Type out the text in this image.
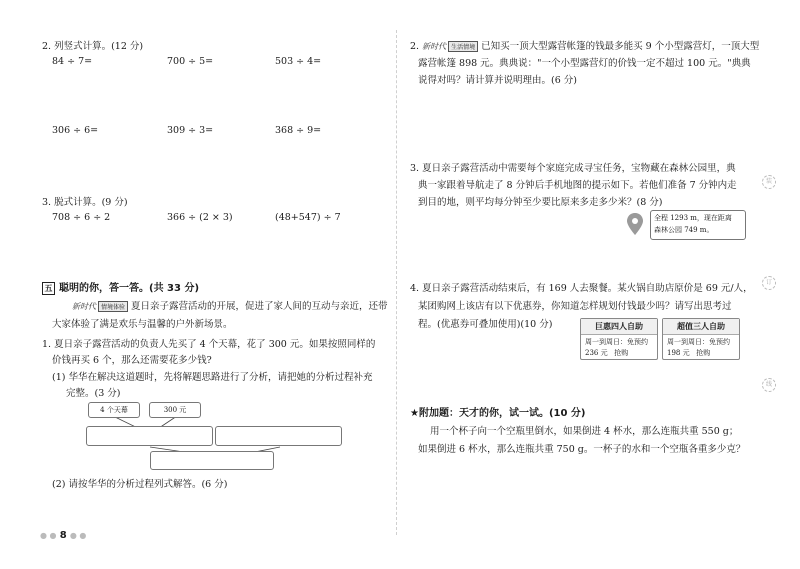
2. 列竖式计算。(12 分)
84 ÷ 7=	700 ÷ 5=	503 ÷ 4=
306 ÷ 6=	309 ÷ 3=	368 ÷ 9=
3. 脱式计算。(9 分)
708 ÷ 6 ÷ 2	366 ÷ (2 × 3)	(48+547) ÷ 7
五 聪明的你，答一答。(共 33 分)
新时代 情境体验 夏日亲子露营活动的开展，促进了家人间的互动与亲近，还带
大家体验了满是欢乐与温馨的户外新场景。
1. 夏日亲子露营活动的负责人先买了 4 个天幕，花了 300 元。如果按照同样的
价钱再买 6 个，那么还需要花多少钱?
(1) 华华在解决这道题时，先将解题思路进行了分析，请把她的分析过程补充
完整。(3 分)
4 个天幕	300 元
(2) 请按华华的分析过程列式解答。(6 分)
● ● 8 ● ●
2. 新时代 生活情境 已知买一顶大型露营帐篷的钱最多能买 9 个小型露营灯，一顶大型
露营帐篷 898 元。典典说："一个小型露营灯的价钱一定不超过 100 元。"典典
说得对吗？请计算并说明理由。(6 分)
3. 夏日亲子露营活动中需要每个家庭完成寻宝任务，宝物藏在森林公园里，典
典一家跟着导航走了 8 分钟后手机地图的提示如下。若他们准备 7 分钟内走
到目的地，则平均每分钟至少要比原来多走多少米？(8 分)
全程 1293 m，现在距离
森林公园 749 m。
4. 夏日亲子露营活动结束后，有 169 人去聚餐。某火锅自助店原价是 69 元/人，
某团购网上该店有以下优惠券，你知道怎样规划付钱最少吗？请写出思考过
程。(优惠券可叠加使用)(10 分)	巨惠四人自助
周一到周日：免预约
236 元 抢购
超值三人自助
周一到周日：免预约
198 元 抢购
★附加题：天才的你，试一试。(10 分)
用一个杯子向一个空瓶里倒水，如果倒进 4 杯水，那么连瓶共重 550 g；
如果倒进 6 杯水，那么连瓶共重 750 g。一杯子的水和一个空瓶各重多少克？
装
订
线
